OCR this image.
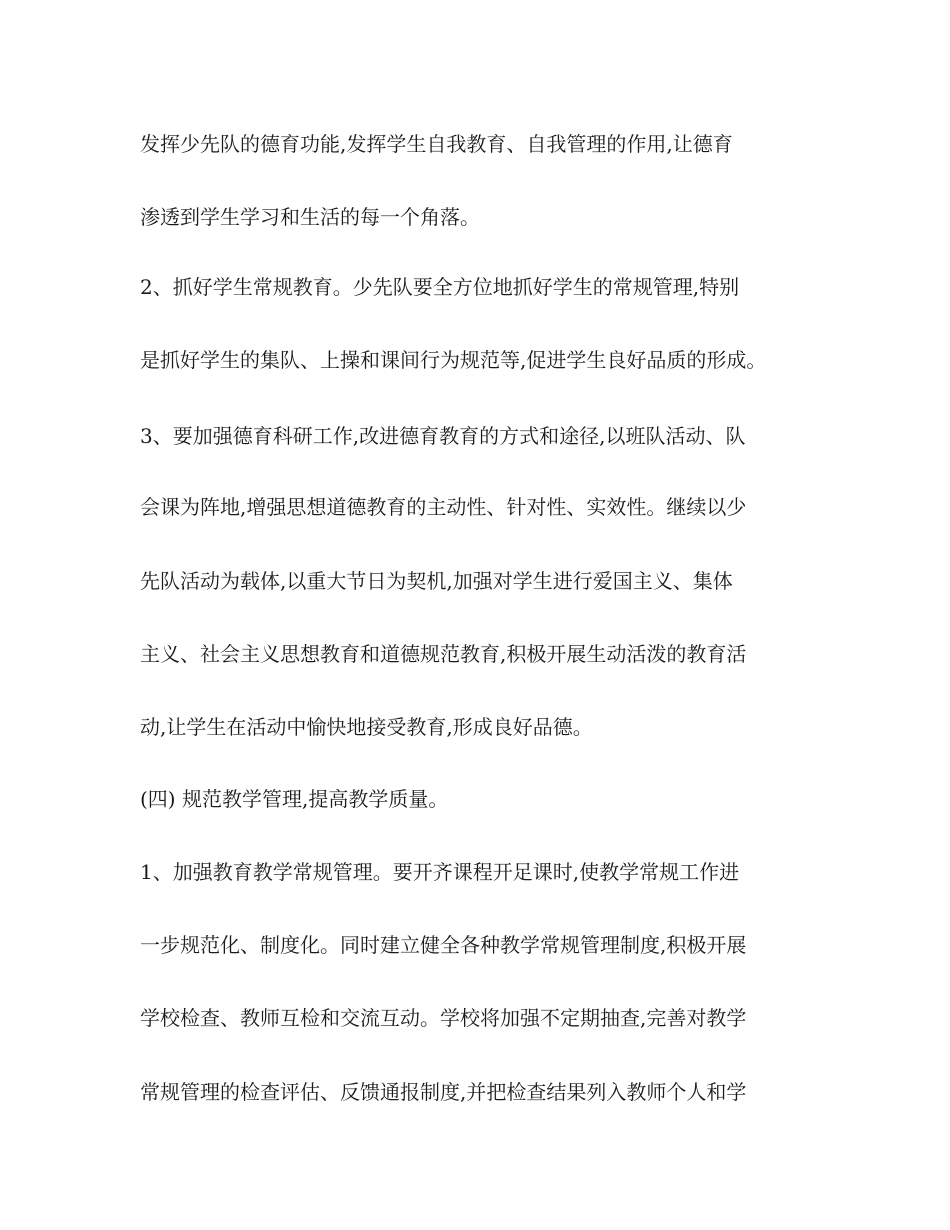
发挥少先队的德育功能,发挥学生自我教育、自我管理的作用,让德育

渗透到学生学习和生活的每一个角落。

2、抓好学生常规教育。少先队要全方位地抓好学生的常规管理,特别

是抓好学生的集队、上操和课间行为规范等,促进学生良好品质的形成。

3、要加强德育科研工作,改进德育教育的方式和途径,以班队活动、队

会课为阵地,增强思想道德教育的主动性、针对性、实效性。继续以少

先队活动为载体,以重大节日为契机,加强对学生进行爱国主义、集体

主义、社会主义思想教育和道德规范教育,积极开展生动活泼的教育活

动,让学生在活动中愉快地接受教育,形成良好品德。

(四) 规范教学管理,提高教学质量。

1、加强教育教学常规管理。要开齐课程开足课时,使教学常规工作进

一步规范化、制度化。同时建立健全各种教学常规管理制度,积极开展

学校检查、教师互检和交流互动。学校将加强不定期抽查,完善对教学

常规管理的检查评估、反馈通报制度,并把检查结果列入教师个人和学
